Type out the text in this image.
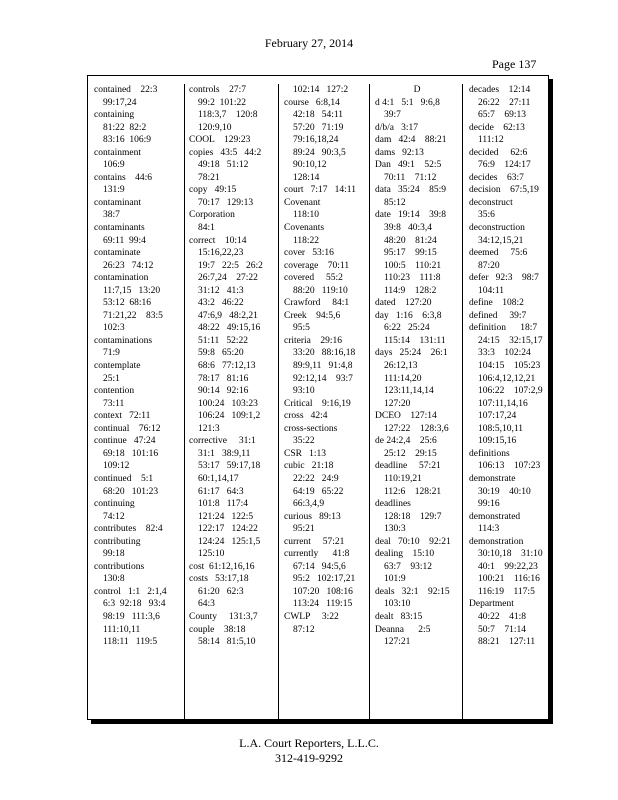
February 27, 2014
Page 137
contained    22:3
99:17,24
containing
81:22  82:2
83:16  106:9
containment
106:9
contains    44:6
131:9
contaminant
38:7
contaminants
69:11  99:4
contaminate
26:23   74:12
contamination
11:7,15   13:20
53:12  68:16
71:21,22    83:5
102:3
contaminations
71:9
contemplate
25:1
contention
73:11
context   72:11
continual    76:12
continue   47:24
69:18   101:16
109:12
continued    5:1
68:20   101:23
continuing
74:12
contributes    82:4
contributing
99:18
contributions
130:8
control   1:1   2:1,4
6:3  92:18   93:4
98:19   111:3,6
111:10,11
118:11   119:5
controls    27:7
99:2  101:22
118:3,7    120:8
120:9,10
COOL    129:23
copies   43:5   44:2
49:18   51:12
78:21
copy   49:15
70:17   129:13
Corporation
84:1
correct    10:14
15:16,22,23
19:7   22:5   26:2
26:7,24    27:22
31:12   41:3
43:2   46:22
47:6,9   48:2,21
48:22   49:15,16
51:11   52:22
59:8   65:20
68:6   77:12,13
78:17   81:16
90:14   92:16
100:24   103:23
106:24   109:1,2
121:3
corrective     31:1
31:1   38:9,11
53:17   59:17,18
60:1,14,17
61:17   64:3
101:8   117:4
121:24   122:5
122:17   124:22
124:24   125:1,5
125:10
cost  61:12,16,16
costs   53:17,18
61:20   62:3
64:3
County     131:3,7
couple    38:18
58:14   81:5,10
102:14   127:2
course   6:8,14
42:18   54:11
57:20   71:19
79:16,18,24
89:24   90:3,5
90:10,12
128:14
court   7:17   14:11
Covenant
118:10
Covenants
118:22
cover   53:16
coverage    70:11
covered     55:2
88:20   119:10
Crawford     84:1
Creek    94:5,6
95:5
criteria    29:16
33:20   88:16,18
89:9,11   91:4,8
92:12,14    93:7
93:10
Critical    9:16,19
cross   42:4
cross-sections
35:22
CSR   1:13
cubic   21:18
22:22   24:9
64:19   65:22
66:3,4,9
curious   89:13
95:21
current     57:21
currently      41:8
67:14   94:5,6
95:2   102:17,21
107:20   108:16
113:24   119:15
CWLP     3:22
87:12
D
d 4:1   5:1   9:6,8
39:7
d/b/a   3:17
dam   42:4    88:21
dams   92:13
Dan   49:1    52:5
70:11    71:12
data   35:24    85:9
85:12
date   19:14    39:8
39:8   40:3,4
48:20    81:24
95:17    99:15
100:5    110:21
110:23    111:8
114:9    128:2
dated    127:20
day   1:16    6:3,8
6:22   25:24
115:14    131:11
days   25:24    26:1
26:12,13
111:14,20
123:11,14,14
127:20
DCEO    127:14
127:22    128:3,6
de 24:2,4    25:6
25:12    29:15
deadline     57:21
110:19,21
112:6    128:21
deadlines
128:18    129:7
130:3
deal   70:10    92:21
dealing    15:10
63:7    93:12
101:9
deals   32:1    92:15
103:10
dealt   83:15
Deanna      2:5
127:21
decades    12:14
26:22    27:11
65:7    69:13
decide    62:13
111:12
decided     62:6
76:9    124:17
decides    63:7
decision    67:5,19
deconstruct
35:6
deconstruction
34:12,15,21
deemed     75:6
87:20
defer   92:3    98:7
104:11
define    108:2
defined     39:7
definition      18:7
24:15    32:15,17
33:3    102:24
104:15    105:23
106:4,12,12,21
106:22    107:2,9
107:11,14,16
107:17,24
108:5,10,11
109:15,16
definitions
106:13    107:23
demonstrate
30:19    40:10
99:16
demonstrated
114:3
demonstration
30:10,18    31:10
40:1    99:22,23
100:21    116:16
116:19    117:5
Department
40:22    41:8
50:7    71:14
88:21    127:11
L.A. Court Reporters, L.L.C.
312-419-9292
